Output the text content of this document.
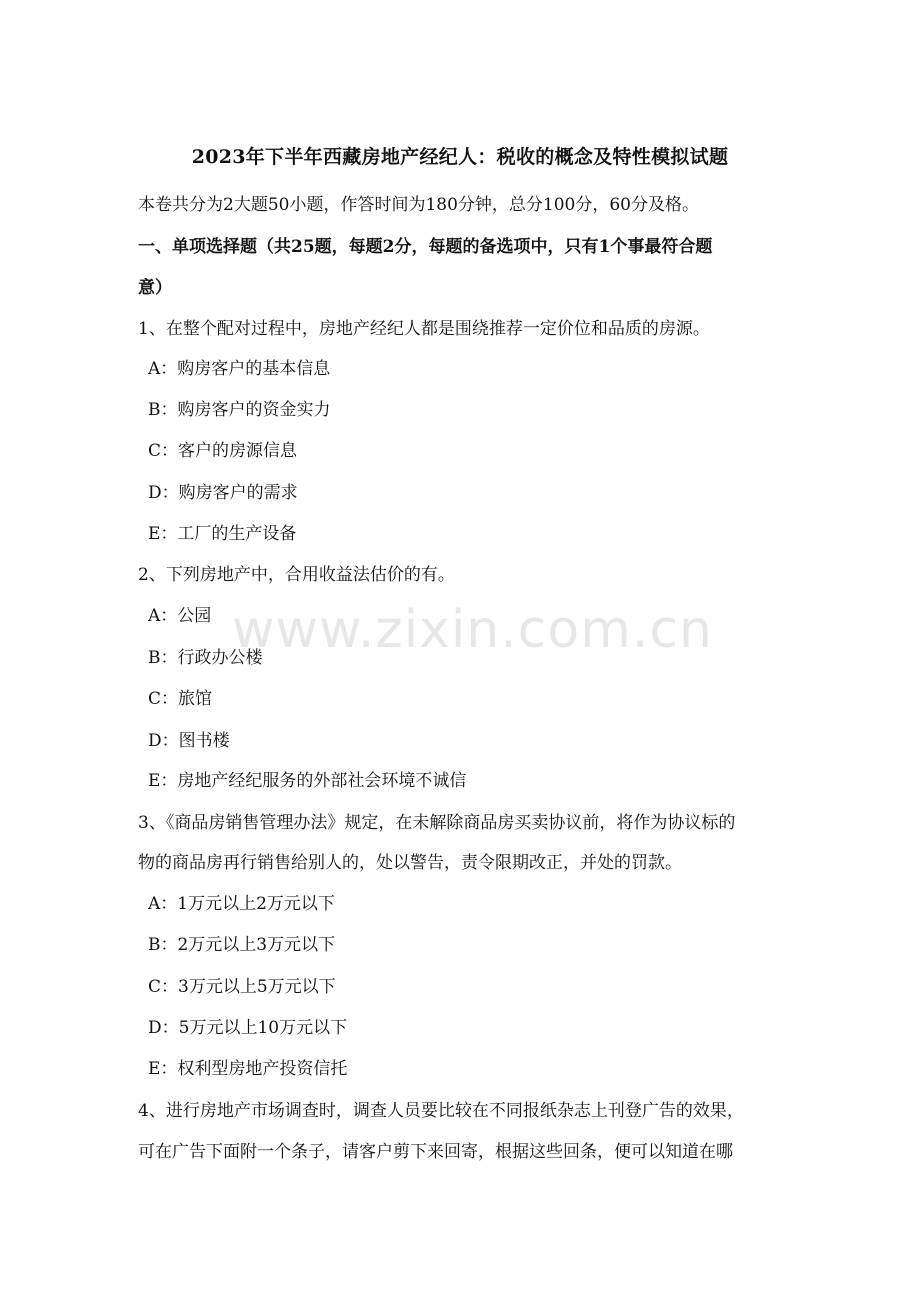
2023年下半年西藏房地产经纪人：税收的概念及特性模拟试题
本卷共分为2大题50小题，作答时间为180分钟，总分100分，60分及格。
一、单项选择题（共25题，每题2分，每题的备选项中，只有1个事最符合题
意）
1、在整个配对过程中，房地产经纪人都是围绕推荐一定价位和品质的房源。
A：购房客户的基本信息
B：购房客户的资金实力
C：客户的房源信息
D：购房客户的需求
E：工厂的生产设备
2、下列房地产中，合用收益法估价的有。
A：公园
B：行政办公楼
C：旅馆
D：图书楼
E：房地产经纪服务的外部社会环境不诚信
3、《商品房销售管理办法》规定，在未解除商品房买卖协议前，将作为协议标的
物的商品房再行销售给别人的，处以警告，责令限期改正，并处的罚款。
A：1万元以上2万元以下
B：2万元以上3万元以下
C：3万元以上5万元以下
D：5万元以上10万元以下
E：权利型房地产投资信托
4、进行房地产市场调查时，调查人员要比较在不同报纸杂志上刊登广告的效果，
可在广告下面附一个条子，请客户剪下来回寄，根据这些回条，便可以知道在哪
www.zixin.com.cn
